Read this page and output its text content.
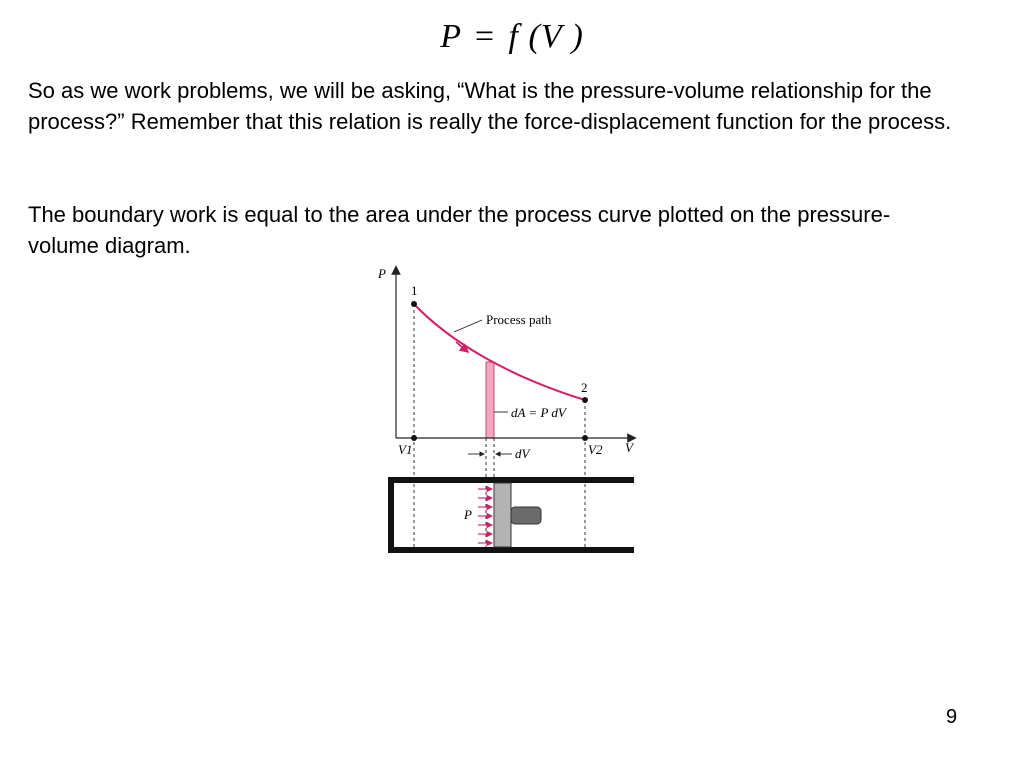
P = f (V )

So as we work problems, we will be asking, “What is the pressure-volume relationship for the process?” Remember that this relation is really the force-displacement function for the process.

The boundary work is equal to the area under the process curve plotted on the pressure-volume diagram.

P
V
1
2
Process path
dA = P dV
V1	V2
dV
P
9
